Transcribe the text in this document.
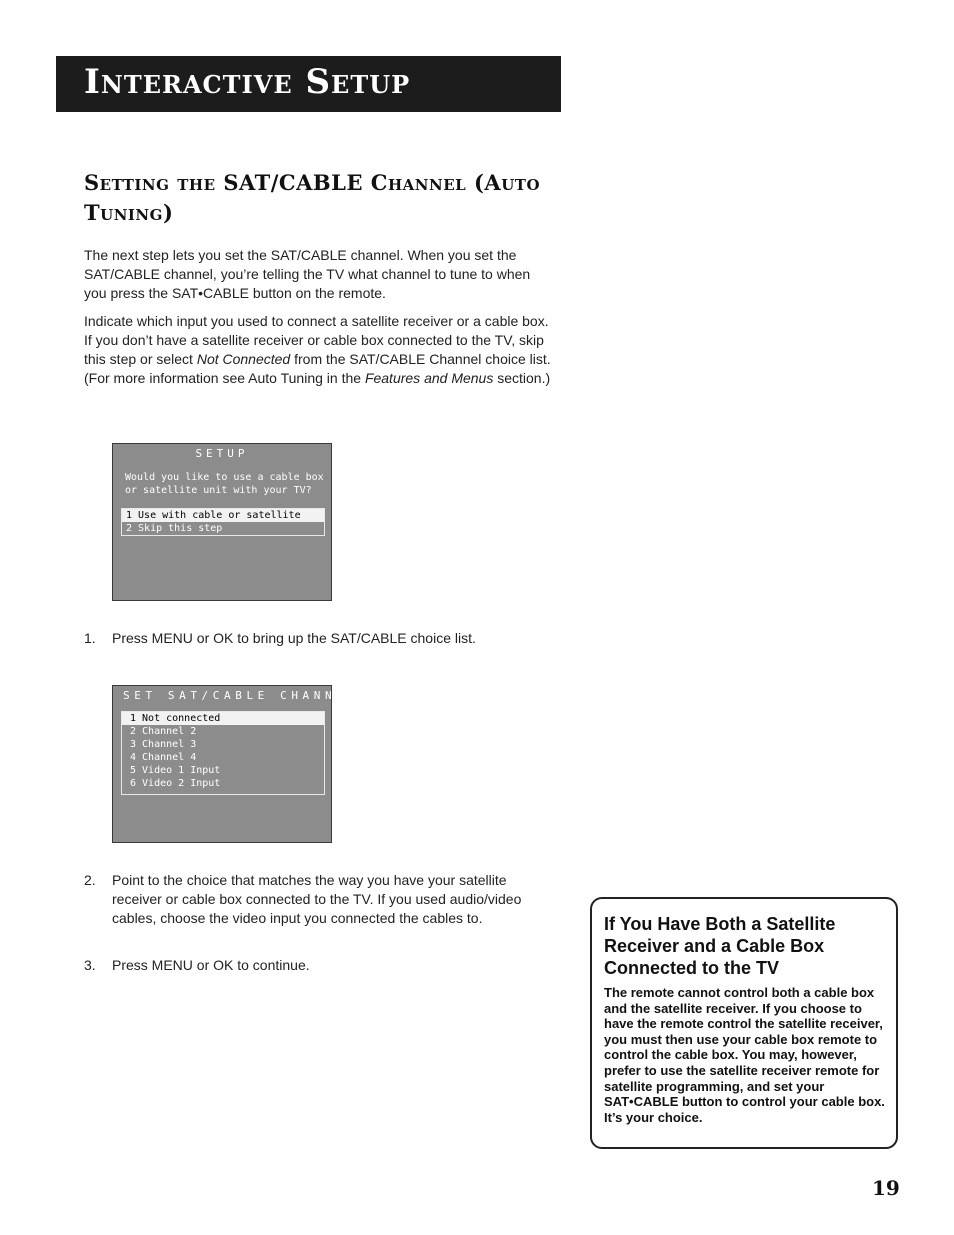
Interactive Setup
Setting the SAT/CABLE Channel (Auto Tuning)

The next step lets you set the SAT/CABLE channel. When you set the SAT/CABLE channel, you’re telling the TV what channel to tune to when you press the SAT•CABLE button on the remote.

Indicate which input you used to connect a satellite receiver or a cable box. If you don’t have a satellite receiver or cable box connected to the TV, skip this step or select Not Connected from the SAT/CABLE Channel choice list. (For more information see Auto Tuning in the Features and Menus section.)

SETUP
Would you like to use a cable box or satellite unit with your TV?
1 Use with cable or satellite
2 Skip this step
1. Press MENU or OK to bring up the SAT/CABLE choice list.
SET SAT/CABLE CHANNEL
1 Not connected
2 Channel 2
3 Channel 3
4 Channel 4
5 Video 1 Input
6 Video 2 Input
2. Point to the choice that matches the way you have your satellite receiver or cable box connected to the TV. If you used audio/video cables, choose the video input you connected the cables to.
3. Press MENU or OK to continue.
If You Have Both a Satellite Receiver and a Cable Box Connected to the TV
The remote cannot control both a cable box and the satellite receiver. If you choose to have the remote control the satellite receiver, you must then use your cable box remote to control the cable box. You may, however, prefer to use the satellite receiver remote for satellite programming, and set your SAT•CABLE button to control your cable box. It’s your choice.
19
